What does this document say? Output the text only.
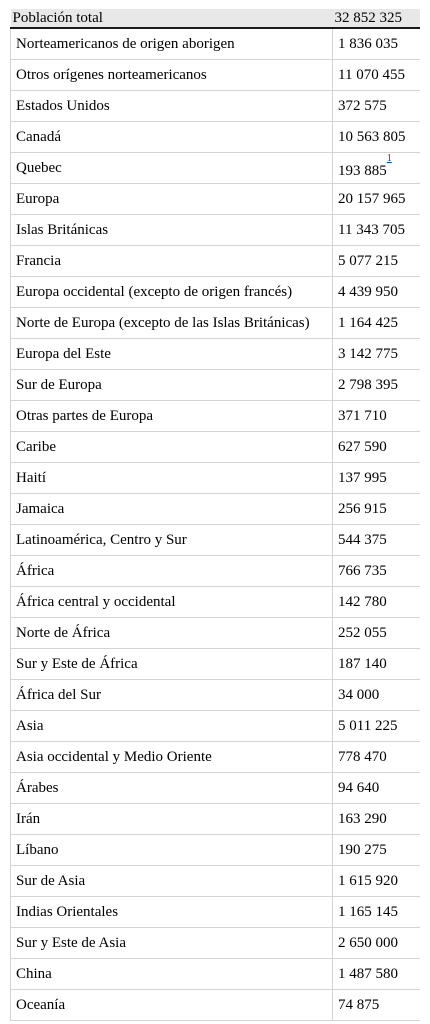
Población total	32 852 325
Norteamericanos de origen aborigen	1 836 035
Otros orígenes norteamericanos	11 070 455
Estados Unidos	372 575
Canadá	10 563 805
Quebec	193 885$^{^1}$
Europa	20 157 965
Islas Británicas	11 343 705
Francia	5 077 215
Europa occidental (excepto de origen francés)	4 439 950
Norte de Europa (excepto de las Islas Británicas)	1 164 425
Europa del Este	3 142 775
Sur de Europa	2 798 395
Otras partes de Europa	371 710
Caribe	627 590
Haití	137 995
Jamaica	256 915
Latinoamérica, Centro y Sur	544 375
África	766 735
África central y occidental	142 780
Norte de África	252 055
Sur y Este de África	187 140
África del Sur	34 000
Asia	5 011 225
Asia occidental y Medio Oriente	778 470
Árabes	94 640
Irán	163 290
Líbano	190 275
Sur de Asia	1 615 920
Indias Orientales	1 165 145
Sur y Este de Asia	2 650 000
China	1 487 580
Oceanía	74 875
